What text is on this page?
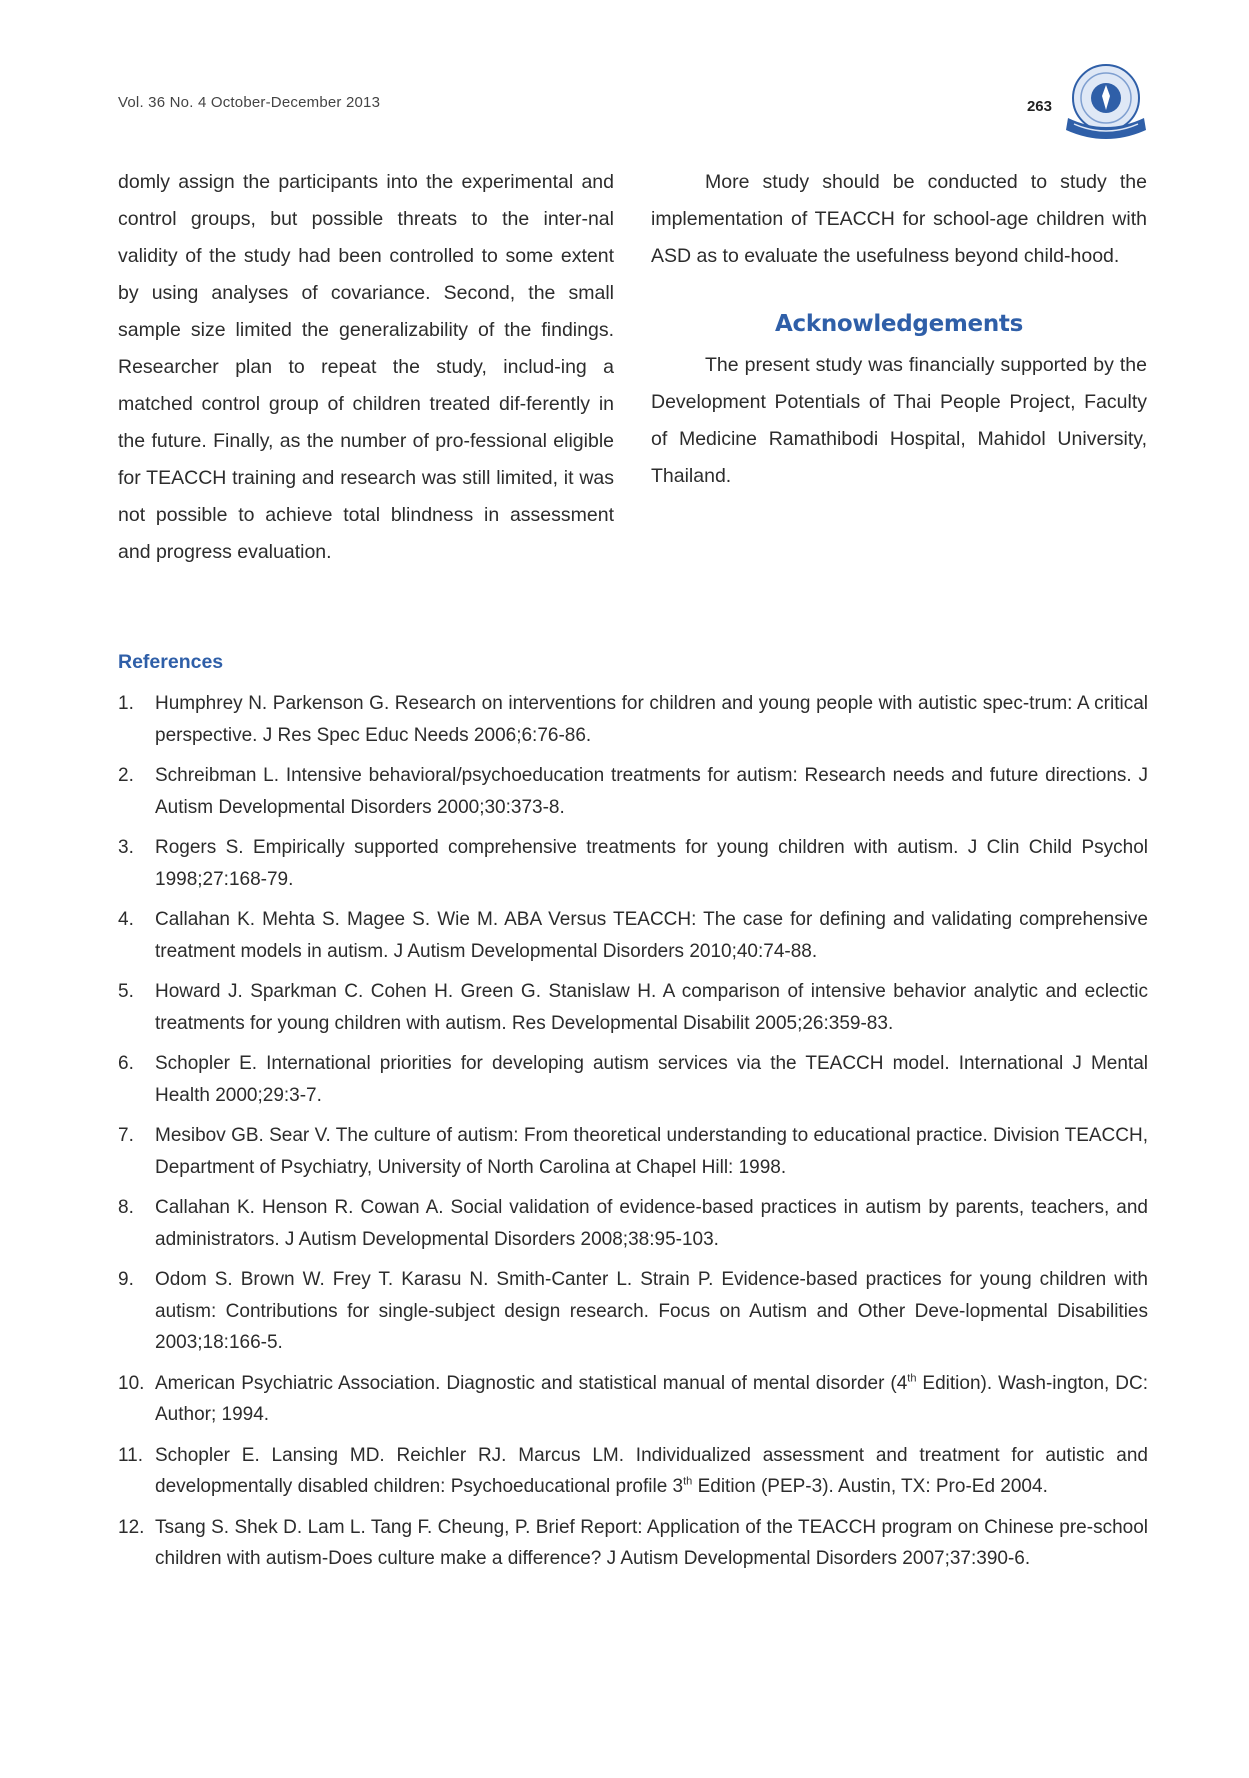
Vol. 36 No. 4 October-December 2013	263

domly assign the participants into the experimental and control groups, but possible threats to the inter-nal validity of the study had been controlled to some extent by using analyses of covariance. Second, the small sample size limited the generalizability of the findings. Researcher plan to repeat the study, includ-ing a matched control group of children treated dif-ferently in the future. Finally, as the number of pro-fessional eligible for TEACCH training and research was still limited, it was not possible to achieve total blindness in assessment and progress evaluation.

More study should be conducted to study the implementation of TEACCH for school-age children with ASD as to evaluate the usefulness beyond child-hood.

Acknowledgements

The present study was financially supported by the Development Potentials of Thai People Project, Faculty of Medicine Ramathibodi Hospital, Mahidol University, Thailand.

References
1. Humphrey N. Parkenson G. Research on interventions for children and young people with autistic spec-trum: A critical perspective. J Res Spec Educ Needs 2006;6:76-86.
2. Schreibman L. Intensive behavioral/psychoeducation treatments for autism: Research needs and future directions. J Autism Developmental Disorders 2000;30:373-8.
3. Rogers S. Empirically supported comprehensive treatments for young children with autism. J Clin Child Psychol 1998;27:168-79.
4. Callahan K. Mehta S. Magee S. Wie M. ABA Versus TEACCH: The case for defining and validating comprehensive treatment models in autism. J Autism Developmental Disorders 2010;40:74-88.
5. Howard J. Sparkman C. Cohen H. Green G. Stanislaw H. A comparison of intensive behavior analytic and eclectic treatments for young children with autism. Res Developmental Disabilit 2005;26:359-83.
6. Schopler E. International priorities for developing autism services via the TEACCH model. International J Mental Health 2000;29:3-7.
7. Mesibov GB. Sear V. The culture of autism: From theoretical understanding to educational practice. Division TEACCH, Department of Psychiatry, University of North Carolina at Chapel Hill: 1998.
8. Callahan K. Henson R. Cowan A. Social validation of evidence-based practices in autism by parents, teachers, and administrators. J Autism Developmental Disorders 2008;38:95-103.
9. Odom S. Brown W. Frey T. Karasu N. Smith-Canter L. Strain P. Evidence-based practices for young children with autism: Contributions for single-subject design research. Focus on Autism and Other Deve-lopmental Disabilities 2003;18:166-5.
10. American Psychiatric Association. Diagnostic and statistical manual of mental disorder (4th Edition). Wash-ington, DC: Author; 1994.
11. Schopler E. Lansing MD. Reichler RJ. Marcus LM. Individualized assessment and treatment for autistic and developmentally disabled children: Psychoeducational profile 3th Edition (PEP-3). Austin, TX: Pro-Ed 2004.
12. Tsang S. Shek D. Lam L. Tang F. Cheung, P. Brief Report: Application of the TEACCH program on Chinese pre-school children with autism-Does culture make a difference? J Autism Developmental Disorders 2007;37:390-6.
